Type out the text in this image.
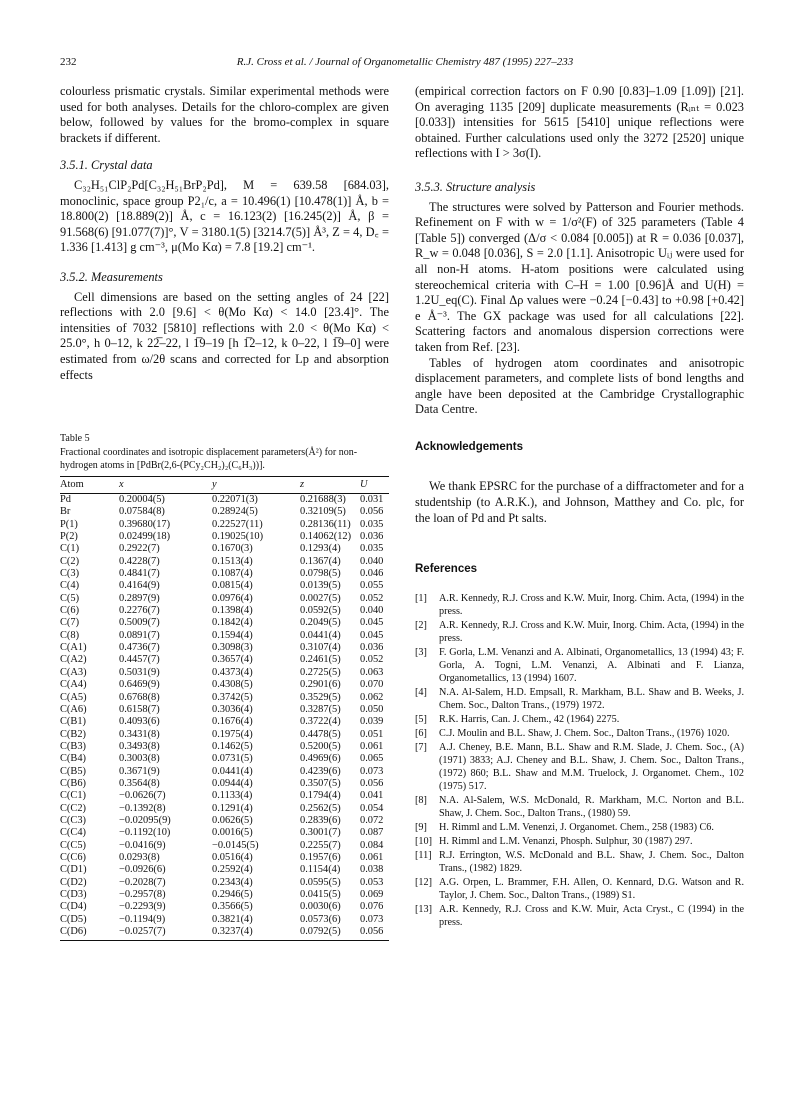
232	R.J. Cross et al. / Journal of Organometallic Chemistry 487 (1995) 227–233

colourless prismatic crystals. Similar experimental methods were used for both analyses. Details for the chloro-complex are given below, followed by values for the bromo-complex in square brackets if different.

3.5.1. Crystal data

C₃₂H₅₁ClP₂Pd[C₃₂H₅₁BrP₂Pd], M = 639.58 [684.03], monoclinic, space group P2₁/c, a = 10.496(1) [10.478(1)] Å, b = 18.800(2) [18.889(2)] Å, c = 16.123(2) [16.245(2)] Å, β = 91.568(6) [91.077(7)]°, V = 3180.1(5) [3214.7(5)] Å³, Z = 4, D꜀ = 1.336 [1.413] g cm⁻³, μ(Mo Kα) = 7.8 [19.2] cm⁻¹.

3.5.2. Measurements

Cell dimensions are based on the setting angles of 24 [22] reflections with 2.0 [9.6] < θ(Mo Kα) < 14.0 [23.4]°. The intensities of 7032 [5810] reflections with 2.0 < θ(Mo Kα) < 25.0°, h 0–12, k 22̅–22, l 1̅9–19 [h 1̅2–12, k 0–22, l 1̅9–0] were estimated from ω/2θ scans and corrected for Lp and absorption effects

Table 5
Fractional coordinates and isotropic displacement parameters(Å²) for non-hydrogen atoms in [PdBr(2,6-(PCy₂CH₂)₂(C₆H₃))].
Atom	x	y	z	U
Pd	0.20004(5)	0.22071(3)	0.21688(3)	0.031
Br	0.07584(8)	0.28924(5)	0.32109(5)	0.056
P(1)	0.39680(17)	0.22527(11)	0.28136(11)	0.035
P(2)	0.02499(18)	0.19025(10)	0.14062(12)	0.036
C(1)	0.2922(7)	0.1670(3)	0.1293(4)	0.035
C(2)	0.4228(7)	0.1513(4)	0.1367(4)	0.040
C(3)	0.4841(7)	0.1087(4)	0.0798(5)	0.046
C(4)	0.4164(9)	0.0815(4)	0.0139(5)	0.055
C(5)	0.2897(9)	0.0976(4)	0.0027(5)	0.052
C(6)	0.2276(7)	0.1398(4)	0.0592(5)	0.040
C(7)	0.5009(7)	0.1842(4)	0.2049(5)	0.045
C(8)	0.0891(7)	0.1594(4)	0.0441(4)	0.045
C(A1)	0.4736(7)	0.3098(3)	0.3107(4)	0.036
C(A2)	0.4457(7)	0.3657(4)	0.2461(5)	0.052
C(A3)	0.5031(9)	0.4373(4)	0.2725(5)	0.063
C(A4)	0.6469(9)	0.4308(5)	0.2901(6)	0.070
C(A5)	0.6768(8)	0.3742(5)	0.3529(5)	0.062
C(A6)	0.6158(7)	0.3036(4)	0.3287(5)	0.050
C(B1)	0.4093(6)	0.1676(4)	0.3722(4)	0.039
C(B2)	0.3431(8)	0.1975(4)	0.4478(5)	0.051
C(B3)	0.3493(8)	0.1462(5)	0.5200(5)	0.061
C(B4)	0.3003(8)	0.0731(5)	0.4969(6)	0.065
C(B5)	0.3671(9)	0.0441(4)	0.4239(6)	0.073
C(B6)	0.3564(8)	0.0944(4)	0.3507(5)	0.056
C(C1)	−0.0626(7)	0.1133(4)	0.1794(4)	0.041
C(C2)	−0.1392(8)	0.1291(4)	0.2562(5)	0.054
C(C3)	−0.02095(9)	0.0626(5)	0.2839(6)	0.072
C(C4)	−0.1192(10)	0.0016(5)	0.3001(7)	0.087
C(C5)	−0.0416(9)	−0.0145(5)	0.2255(7)	0.084
C(C6)	0.0293(8)	0.0516(4)	0.1957(6)	0.061
C(D1)	−0.0926(6)	0.2592(4)	0.1154(4)	0.038
C(D2)	−0.2028(7)	0.2343(4)	0.0595(5)	0.053
C(D3)	−0.2957(8)	0.2946(5)	0.0415(5)	0.069
C(D4)	−0.2293(9)	0.3566(5)	0.0030(6)	0.076
C(D5)	−0.1194(9)	0.3821(4)	0.0573(6)	0.073
C(D6)	−0.0257(7)	0.3237(4)	0.0792(5)	0.056

(empirical correction factors on F 0.90 [0.83]–1.09 [1.09]) [21]. On averaging 1135 [209] duplicate measurements (Rᵢₙₜ = 0.023 [0.033]) intensities for 5615 [5410] unique reflections were obtained. Further calculations used only the 3272 [2520] unique reflections with I > 3σ(I).

3.5.3. Structure analysis

The structures were solved by Patterson and Fourier methods. Refinement on F with w = 1/σ²(F) of 325 parameters (Table 4 [Table 5]) converged (Δ/σ < 0.084 [0.005]) at R = 0.036 [0.037], R_w = 0.048 [0.036], S = 2.0 [1.1]. Anisotropic Uᵢⱼ were used for all non-H atoms. H-atom positions were calculated using stereochemical criteria with C–H = 1.00 [0.96]Å and U(H) = 1.2U_eq(C). Final Δρ values were −0.24 [−0.43] to +0.98 [+0.42] e Å⁻³. The GX package was used for all calculations [22]. Scattering factors and anomalous dispersion corrections were taken from Ref. [23].

Tables of hydrogen atom coordinates and anisotropic displacement parameters, and complete lists of bond lengths and angle have been deposited at the Cambridge Crystallographic Data Centre.

Acknowledgements

We thank EPSRC for the purchase of a diffractometer and for a studentship (to A.R.K.), and Johnson, Matthey and Co. plc, for the loan of Pd and Pt salts.

References
[1]	A.R. Kennedy, R.J. Cross and K.W. Muir, Inorg. Chim. Acta, (1994) in the press.
[2]	A.R. Kennedy, R.J. Cross and K.W. Muir, Inorg. Chim. Acta, (1994) in the press.
[3]	F. Gorla, L.M. Venanzi and A. Albinati, Organometallics, 13 (1994) 43; F. Gorla, A. Togni, L.M. Venanzi, A. Albinati and F. Lianza, Organometallics, 13 (1994) 1607.
[4]	N.A. Al-Salem, H.D. Empsall, R. Markham, B.L. Shaw and B. Weeks, J. Chem. Soc., Dalton Trans., (1979) 1972.
[5]	R.K. Harris, Can. J. Chem., 42 (1964) 2275.
[6]	C.J. Moulin and B.L. Shaw, J. Chem. Soc., Dalton Trans., (1976) 1020.
[7]	A.J. Cheney, B.E. Mann, B.L. Shaw and R.M. Slade, J. Chem. Soc., (A) (1971) 3833; A.J. Cheney and B.L. Shaw, J. Chem. Soc., Dalton Trans., (1972) 860; B.L. Shaw and M.M. Truelock, J. Organomet. Chem., 102 (1975) 517.
[8]	N.A. Al-Salem, W.S. McDonald, R. Markham, M.C. Norton and B.L. Shaw, J. Chem. Soc., Dalton Trans., (1980) 59.
[9]	H. Rimml and L.M. Venenzi, J. Organomet. Chem., 258 (1983) C6.
[10] H. Rimml and L.M. Venanzi, Phosph. Sulphur, 30 (1987) 297.
[11] R.J. Errington, W.S. McDonald and B.L. Shaw, J. Chem. Soc., Dalton Trans., (1982) 1829.
[12] A.G. Orpen, L. Brammer, F.H. Allen, O. Kennard, D.G. Watson and R. Taylor, J. Chem. Soc., Dalton Trans., (1989) S1.
[13] A.R. Kennedy, R.J. Cross and K.W. Muir, Acta Cryst., C (1994) in the press.
